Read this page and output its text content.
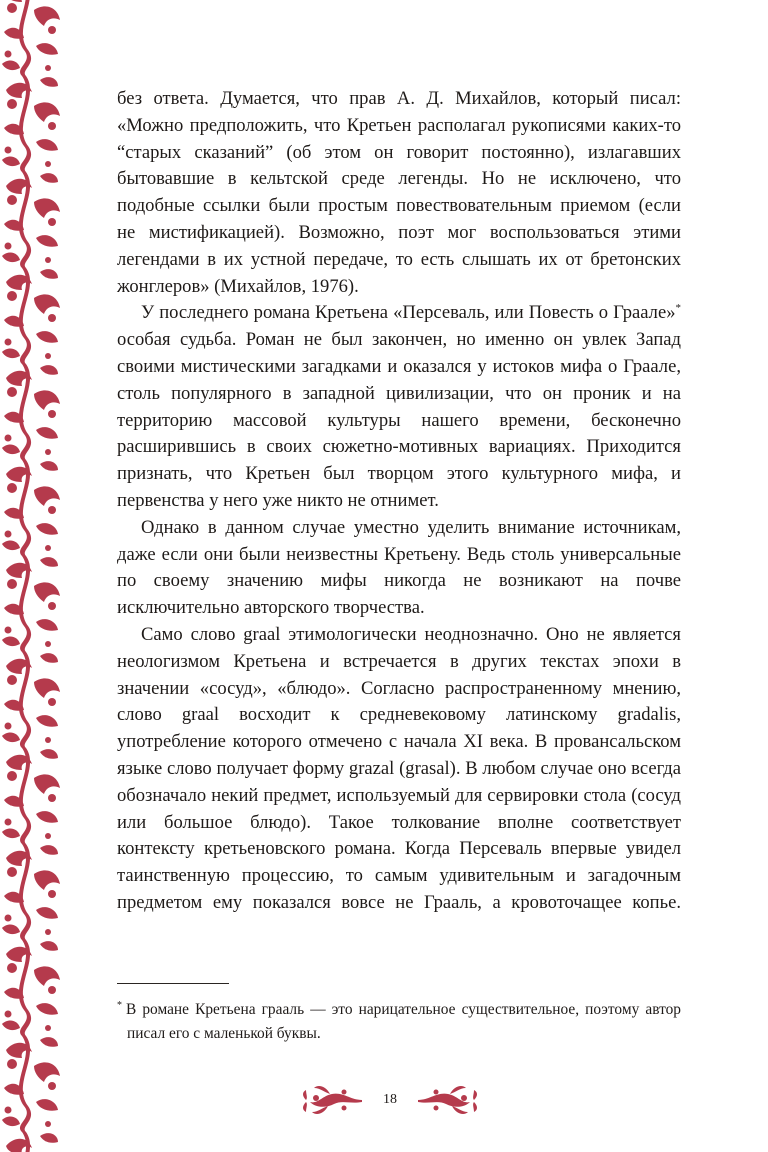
без ответа. Думается, что прав А. Д. Михайлов, который писал: «Можно предположить, что Кретьен располагал рукописями каких-то “старых сказаний” (об этом он говорит постоянно), излагавших бытовавшие в кельтской среде легенды. Но не исключено, что подобные ссылки были простым повествовательным приемом (если не мистификацией). Возможно, поэт мог воспользоваться этими легендами в их устной передаче, то есть слышать их от бретонских жонглеров» (Михайлов, 1976).

У последнего романа Кретьена «Персеваль, или Повесть о Граале»* особая судьба. Роман не был закончен, но именно он увлек Запад своими мистическими загадками и оказался у истоков мифа о Граале, столь популярного в западной цивилизации, что он проник и на территорию массовой культуры нашего времени, бесконечно расширившись в своих сюжетно-мотивных вариациях. Приходится признать, что Кретьен был творцом этого культурного мифа, и первенства у него уже никто не отнимет.

Однако в данном случае уместно уделить внимание источникам, даже если они были неизвестны Кретьену. Ведь столь универсальные по своему значению мифы никогда не возникают на почве исключительно авторского творчества.

Само слово graal этимологически неоднозначно. Оно не является неологизмом Кретьена и встречается в других текстах эпохи в значении «сосуд», «блюдо». Согласно распространенному мнению, слово graal восходит к средневековому латинскому gradalis, употребление которого отмечено с начала XI века. В провансальском языке слово получает форму grazal (grasal). В любом случае оно всегда обозначало некий предмет, используемый для сервировки стола (сосуд или большое блюдо). Такое толкование вполне соответствует контексту кретьеновского романа. Когда Персеваль впервые увидел таинственную процессию, то самым удивительным и загадочным предметом ему показался вовсе не Грааль, а кровоточащее копье.

* В романе Кретьена грааль — это нарицательное существительное, поэтому автор писал его с маленькой буквы.
18
